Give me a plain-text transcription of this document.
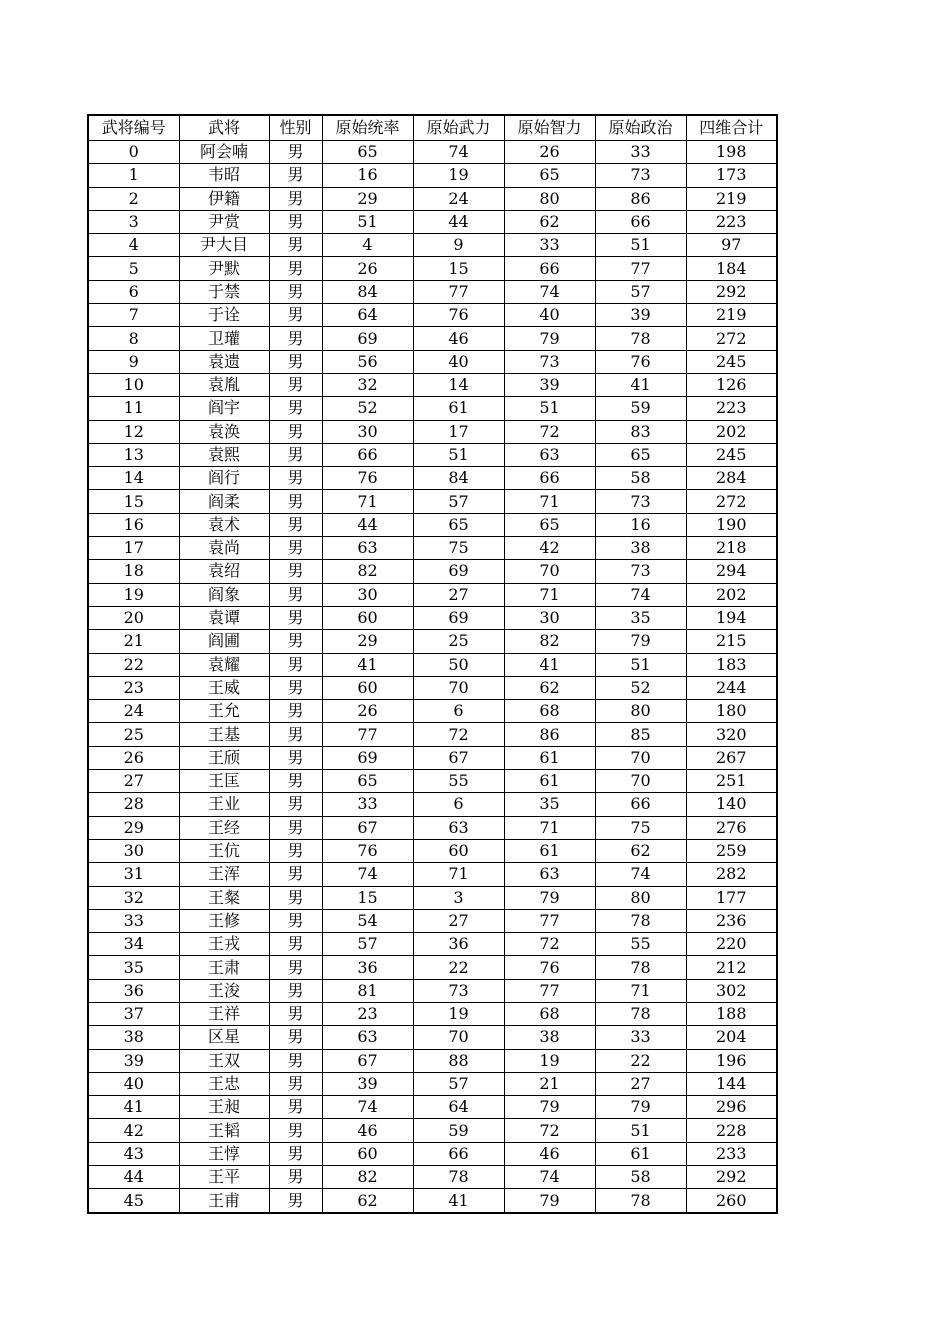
武将编号	武将	性别	原始统率	原始武力	原始智力	原始政治	四维合计
0	阿会喃	男	65	74	26	33	198
1	韦昭	男	16	19	65	73	173
2	伊籍	男	29	24	80	86	219
3	尹赏	男	51	44	62	66	223
4	尹大目	男	4	9	33	51	97
5	尹默	男	26	15	66	77	184
6	于禁	男	84	77	74	57	292
7	于诠	男	64	76	40	39	219
8	卫瓘	男	69	46	79	78	272
9	袁遗	男	56	40	73	76	245
10	袁胤	男	32	14	39	41	126
11	阎宇	男	52	61	51	59	223
12	袁涣	男	30	17	72	83	202
13	袁熙	男	66	51	63	65	245
14	阎行	男	76	84	66	58	284
15	阎柔	男	71	57	71	73	272
16	袁术	男	44	65	65	16	190
17	袁尚	男	63	75	42	38	218
18	袁绍	男	82	69	70	73	294
19	阎象	男	30	27	71	74	202
20	袁谭	男	60	69	30	35	194
21	阎圃	男	29	25	82	79	215
22	袁耀	男	41	50	41	51	183
23	王威	男	60	70	62	52	244
24	王允	男	26	6	68	80	180
25	王基	男	77	72	86	85	320
26	王颀	男	69	67	61	70	267
27	王匡	男	65	55	61	70	251
28	王业	男	33	6	35	66	140
29	王经	男	67	63	71	75	276
30	王伉	男	76	60	61	62	259
31	王浑	男	74	71	63	74	282
32	王粲	男	15	3	79	80	177
33	王修	男	54	27	77	78	236
34	王戎	男	57	36	72	55	220
35	王肃	男	36	22	76	78	212
36	王浚	男	81	73	77	71	302
37	王祥	男	23	19	68	78	188
38	区星	男	63	70	38	33	204
39	王双	男	67	88	19	22	196
40	王忠	男	39	57	21	27	144
41	王昶	男	74	64	79	79	296
42	王韬	男	46	59	72	51	228
43	王惇	男	60	66	46	61	233
44	王平	男	82	78	74	58	292
45	王甫	男	62	41	79	78	260
